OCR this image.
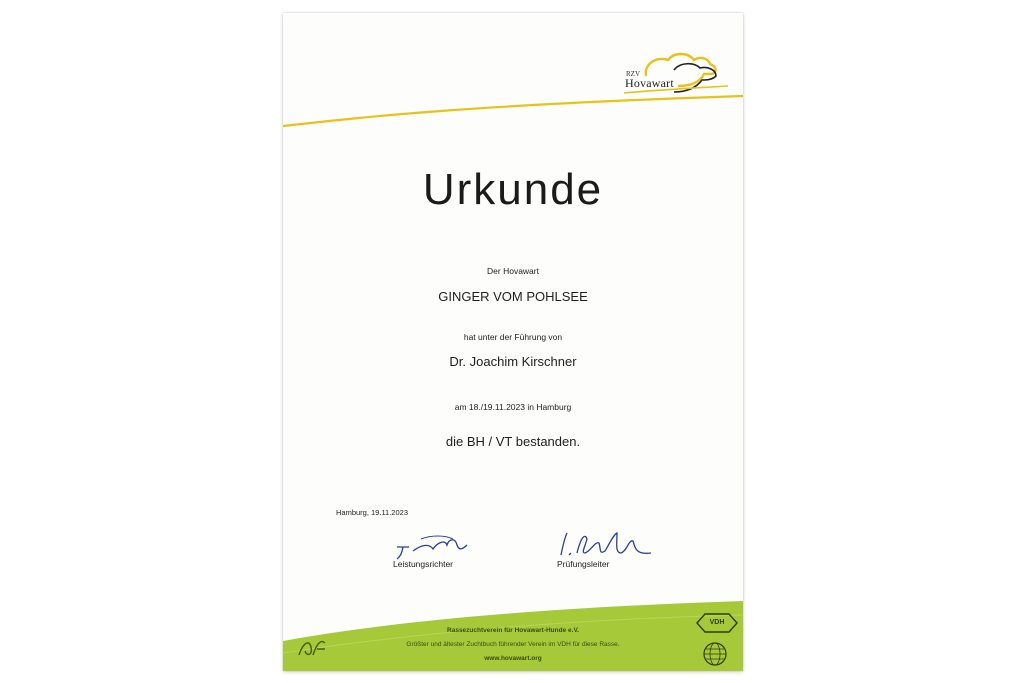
RZV
Hovawart
Urkunde
Der Hovawart
GINGER VOM POHLSEE
hat unter der Führung von
Dr. Joachim Kirschner
am 18./19.11.2023 in Hamburg
die BH / VT bestanden.
Hamburg, 19.11.2023
Leistungsrichter	Prüfungsleiter
Rassezuchtverein für Hovawart-Hunde e.V.
Größter und ältester Zuchtbuch führender Verein im VDH für diese Rasse.
www.hovawart.org
VDH
